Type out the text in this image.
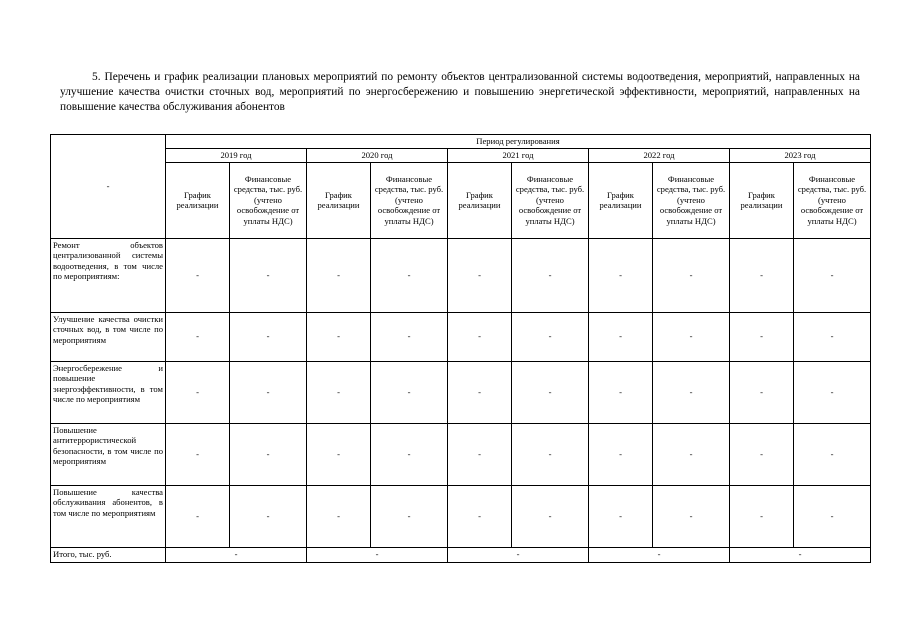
5. Перечень и график реализации плановых мероприятий по ремонту объектов централизованной системы водоотведения, мероприятий, направленных на улучшение качества очистки сточных вод, мероприятий по энергосбережению и повышению энергетической эффективности, мероприятий, направленных на повышение качества обслуживания абонентов
-	Период регулирования									
	2019 год		2020 год		2021 год		2022 год		2023 год	
	График реализации	Финансовые средства, тыс. руб. (учтено освобождение от уплаты НДС)	График реализации	Финансовые средства, тыс. руб. (учтено освобождение от уплаты НДС)	График реализации	Финансовые средства, тыс. руб. (учтено освобождение от уплаты НДС)	График реализации	Финансовые средства, тыс. руб. (учтено освобождение от уплаты НДС)	График реализации	Финансовые средства, тыс. руб. (учтено освобождение от уплаты НДС)
Ремонт объектов централизованной системы водоотведения, в том числе по мероприятиям:	-	-	-	-	-	-	-	-	-	-
Улучшение качества очистки сточных вод, в том числе по мероприятиям	-	-	-	-	-	-	-	-	-	-
Энергосбережение и повышение энергоэффективности, в том числе по мероприятиям	-	-	-	-	-	-	-	-	-	-
Повышение антитеррористической безопасности, в том числе по мероприятиям	-	-	-	-	-	-	-	-	-	-
Повышение качества обслуживания абонентов, в том числе по мероприятиям	-	-	-	-	-	-	-	-	-	-
Итого, тыс. руб.	-		-		-		-		-	
